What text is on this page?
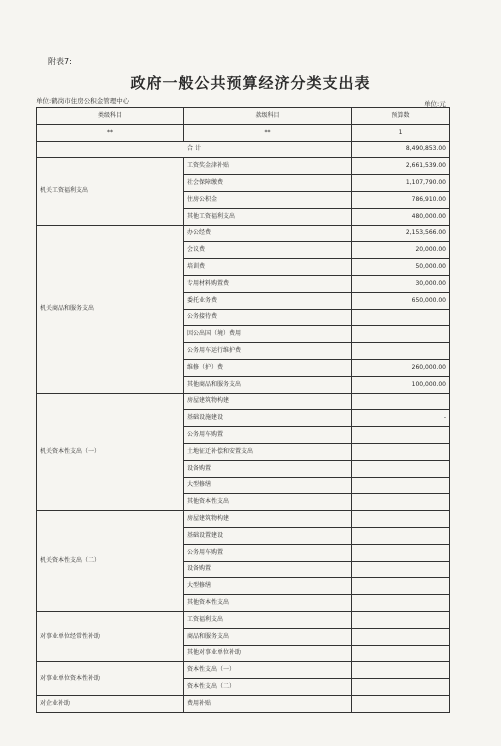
附表7:
政府一般公共预算经济分类支出表
单位:鹤岗市住房公积金管理中心	单位:元
类级科目	款级科目	预算数
**	**	1
合 计		8,490,853.00
机关工资福利支出	工资奖金津补贴	2,661,539.00
	社会保障缴费	1,107,790.00
	住房公积金	786,910.00
	其他工资福利支出	480,000.00
机关商品和服务支出	办公经费	2,153,566.00
	会议费	20,000.00
	培训费	50,000.00
	专用材料购置费	30,000.00
	委托业务费	650,000.00
	公务接待费	
	因公出国（境）费用	
	公务用车运行维护费	
	维修（护）费	260,000.00
	其他商品和服务支出	100,000.00
机关资本性支出（一）	房屋建筑物构建	
	基础设施建设	-
	公务用车购置	
	土地征迁补偿和安置支出	
	设备购置	
	大型修缮	
	其他资本性支出	
机关资本性支出（二）	房屋建筑物构建	
	基础设置建设	
	公务用车购置	
	设备购置	
	大型修缮	
	其他资本性支出	
对事业单位经常性补助	工资福利支出	
	商品和服务支出	
	其他对事业单位补助	
对事业单位资本性补助	资本性支出（一）	
	资本性支出（二）	
对企业补助	费用补贴	
